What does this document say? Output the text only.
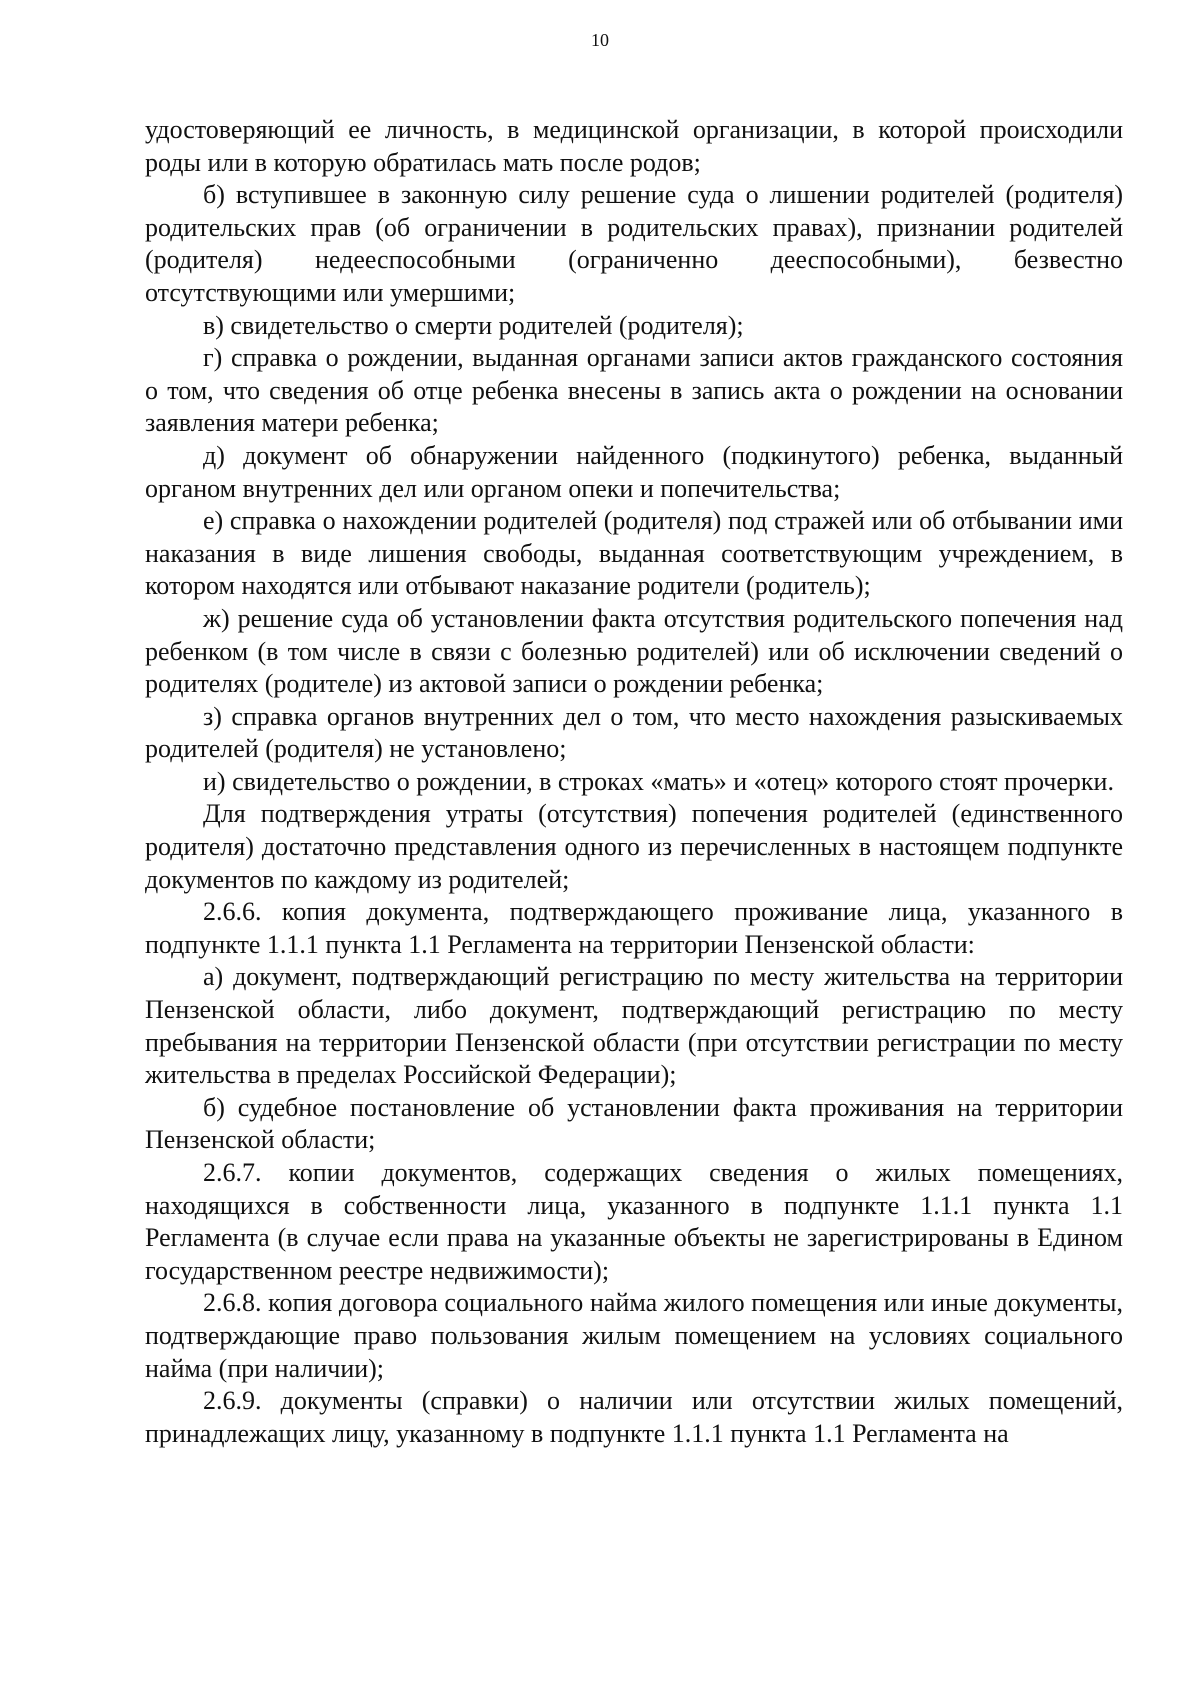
10

удостоверяющий ее личность, в медицинской организации, в которой происходили роды или в которую обратилась мать после родов;

б) вступившее в законную силу решение суда о лишении родителей (родителя) родительских прав (об ограничении в родительских правах), признании родителей (родителя) недееспособными (ограниченно дееспособными), безвестно отсутствующими или умершими;

в) свидетельство о смерти родителей (родителя);

г) справка о рождении, выданная органами записи актов гражданского состояния о том, что сведения об отце ребенка внесены в запись акта о рождении на основании заявления матери ребенка;

д) документ об обнаружении найденного (подкинутого) ребенка, выданный органом внутренних дел или органом опеки и попечительства;

е) справка о нахождении родителей (родителя) под стражей или об отбывании ими наказания в виде лишения свободы, выданная соответствующим учреждением, в котором находятся или отбывают наказание родители (родитель);

ж) решение суда об установлении факта отсутствия родительского попечения над ребенком (в том числе в связи с болезнью родителей) или об исключении сведений о родителях (родителе) из актовой записи о рождении ребенка;

з) справка органов внутренних дел о том, что место нахождения разыскиваемых родителей (родителя) не установлено;

и) свидетельство о рождении, в строках «мать» и «отец» которого стоят прочерки.

Для подтверждения утраты (отсутствия) попечения родителей (единственного родителя) достаточно представления одного из перечисленных в настоящем подпункте документов по каждому из родителей;

2.6.6. копия документа, подтверждающего проживание лица, указанного в подпункте 1.1.1 пункта 1.1 Регламента на территории Пензенской области:

а) документ, подтверждающий регистрацию по месту жительства на территории Пензенской области, либо документ, подтверждающий регистрацию по месту пребывания на территории Пензенской области (при отсутствии регистрации по месту жительства в пределах Российской Федерации);

б) судебное постановление об установлении факта проживания на территории Пензенской области;

2.6.7. копии документов, содержащих сведения о жилых помещениях, находящихся в собственности лица, указанного в подпункте 1.1.1 пункта 1.1 Регламента (в случае если права на указанные объекты не зарегистрированы в Едином государственном реестре недвижимости);

2.6.8. копия договора социального найма жилого помещения или иные документы, подтверждающие право пользования жилым помещением на условиях социального найма (при наличии);

2.6.9. документы (справки) о наличии или отсутствии жилых помещений, принадлежащих лицу, указанному в подпункте 1.1.1 пункта 1.1 Регламента на
